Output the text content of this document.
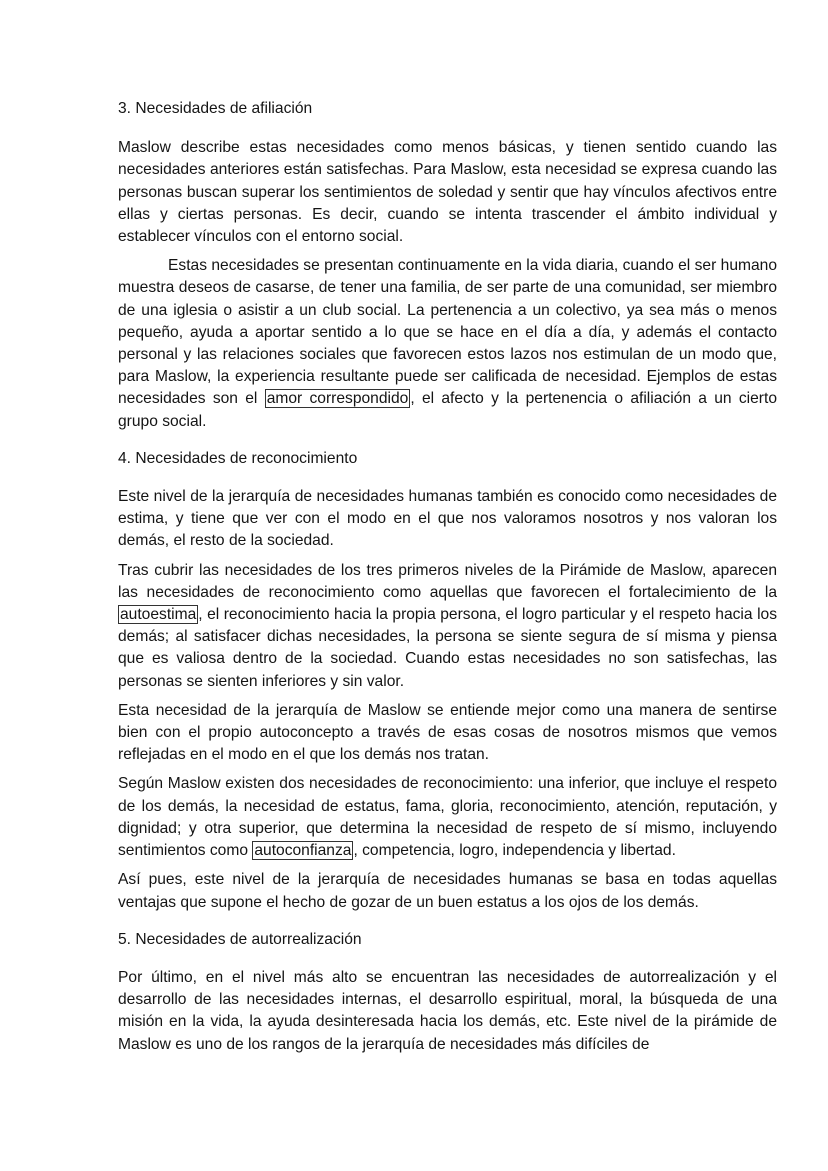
3. Necesidades de afiliación

Maslow describe estas necesidades como menos básicas, y tienen sentido cuando las necesidades anteriores están satisfechas. Para Maslow, esta necesidad se expresa cuando las personas buscan superar los sentimientos de soledad y sentir que hay vínculos afectivos entre ellas y ciertas personas. Es decir, cuando se intenta trascender el ámbito individual y establecer vínculos con el entorno social.

Estas necesidades se presentan continuamente en la vida diaria, cuando el ser humano muestra deseos de casarse, de tener una familia, de ser parte de una comunidad, ser miembro de una iglesia o asistir a un club social. La pertenencia a un colectivo, ya sea más o menos pequeño, ayuda a aportar sentido a lo que se hace en el día a día, y además el contacto personal y las relaciones sociales que favorecen estos lazos nos estimulan de un modo que, para Maslow, la experiencia resultante puede ser calificada de necesidad. Ejemplos de estas necesidades son el amor correspondido , el afecto y la pertenencia o afiliación a un cierto grupo social.

4. Necesidades de reconocimiento

Este nivel de la jerarquía de necesidades humanas también es conocido como necesidades de estima, y tiene que ver con el modo en el que nos valoramos nosotros y nos valoran los demás, el resto de la sociedad.

Tras cubrir las necesidades de los tres primeros niveles de la Pirámide de Maslow, aparecen las necesidades de reconocimiento como aquellas que favorecen el fortalecimiento de la autoestima , el reconocimiento hacia la propia persona, el logro particular y el respeto hacia los demás; al satisfacer dichas necesidades, la persona se siente segura de sí misma y piensa que es valiosa dentro de la sociedad. Cuando estas necesidades no son satisfechas, las personas se sienten inferiores y sin valor.

Esta necesidad de la jerarquía de Maslow se entiende mejor como una manera de sentirse bien con el propio autoconcepto a través de esas cosas de nosotros mismos que vemos reflejadas en el modo en el que los demás nos tratan.

Según Maslow existen dos necesidades de reconocimiento: una inferior, que incluye el respeto de los demás, la necesidad de estatus, fama, gloria, reconocimiento, atención, reputación, y dignidad; y otra superior, que determina la necesidad de respeto de sí mismo, incluyendo sentimientos como autoconfianza , competencia, logro, independencia y libertad.

Así pues, este nivel de la jerarquía de necesidades humanas se basa en todas aquellas ventajas que supone el hecho de gozar de un buen estatus a los ojos de los demás.

5. Necesidades de autorrealización

Por último, en el nivel más alto se encuentran las necesidades de autorrealización y el desarrollo de las necesidades internas, el desarrollo espiritual, moral, la búsqueda de una misión en la vida, la ayuda desinteresada hacia los demás, etc. Este nivel de la pirámide de Maslow es uno de los rangos de la jerarquía de necesidades más difíciles de
